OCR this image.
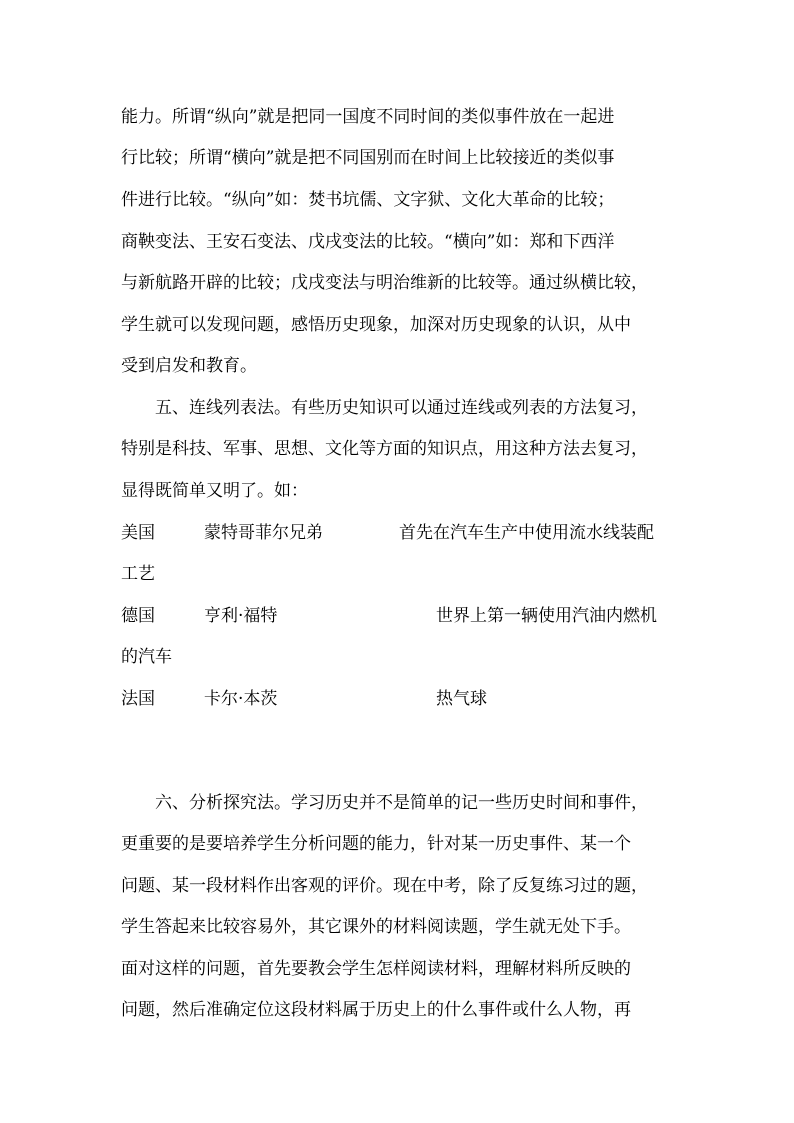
能力。所谓“纵向”就是把同一国度不同时间的类似事件放在一起进
行比较；所谓“横向”就是把不同国别而在时间上比较接近的类似事
件进行比较。“纵向”如：焚书坑儒、文字狱、文化大革命的比较；
商鞅变法、王安石变法、戊戌变法的比较。“横向”如：郑和下西洋
与新航路开辟的比较；戊戌变法与明治维新的比较等。通过纵横比较，
学生就可以发现问题，感悟历史现象，加深对历史现象的认识，从中
受到启发和教育。
五、连线列表法。有些历史知识可以通过连线或列表的方法复习，
特别是科技、军事、思想、文化等方面的知识点，用这种方法去复习，
显得既简单又明了。如：
美国	蒙特哥菲尔兄弟	首先在汽车生产中使用流水线装配
工艺
德国	亨利·福特	世界上第一辆使用汽油内燃机
的汽车
法国	卡尔·本茨	热气球
六、分析探究法。学习历史并不是简单的记一些历史时间和事件，
更重要的是要培养学生分析问题的能力，针对某一历史事件、某一个
问题、某一段材料作出客观的评价。现在中考，除了反复练习过的题，
学生答起来比较容易外，其它课外的材料阅读题，学生就无处下手。
面对这样的问题，首先要教会学生怎样阅读材料，理解材料所反映的
问题，然后准确定位这段材料属于历史上的什么事件或什么人物，再
